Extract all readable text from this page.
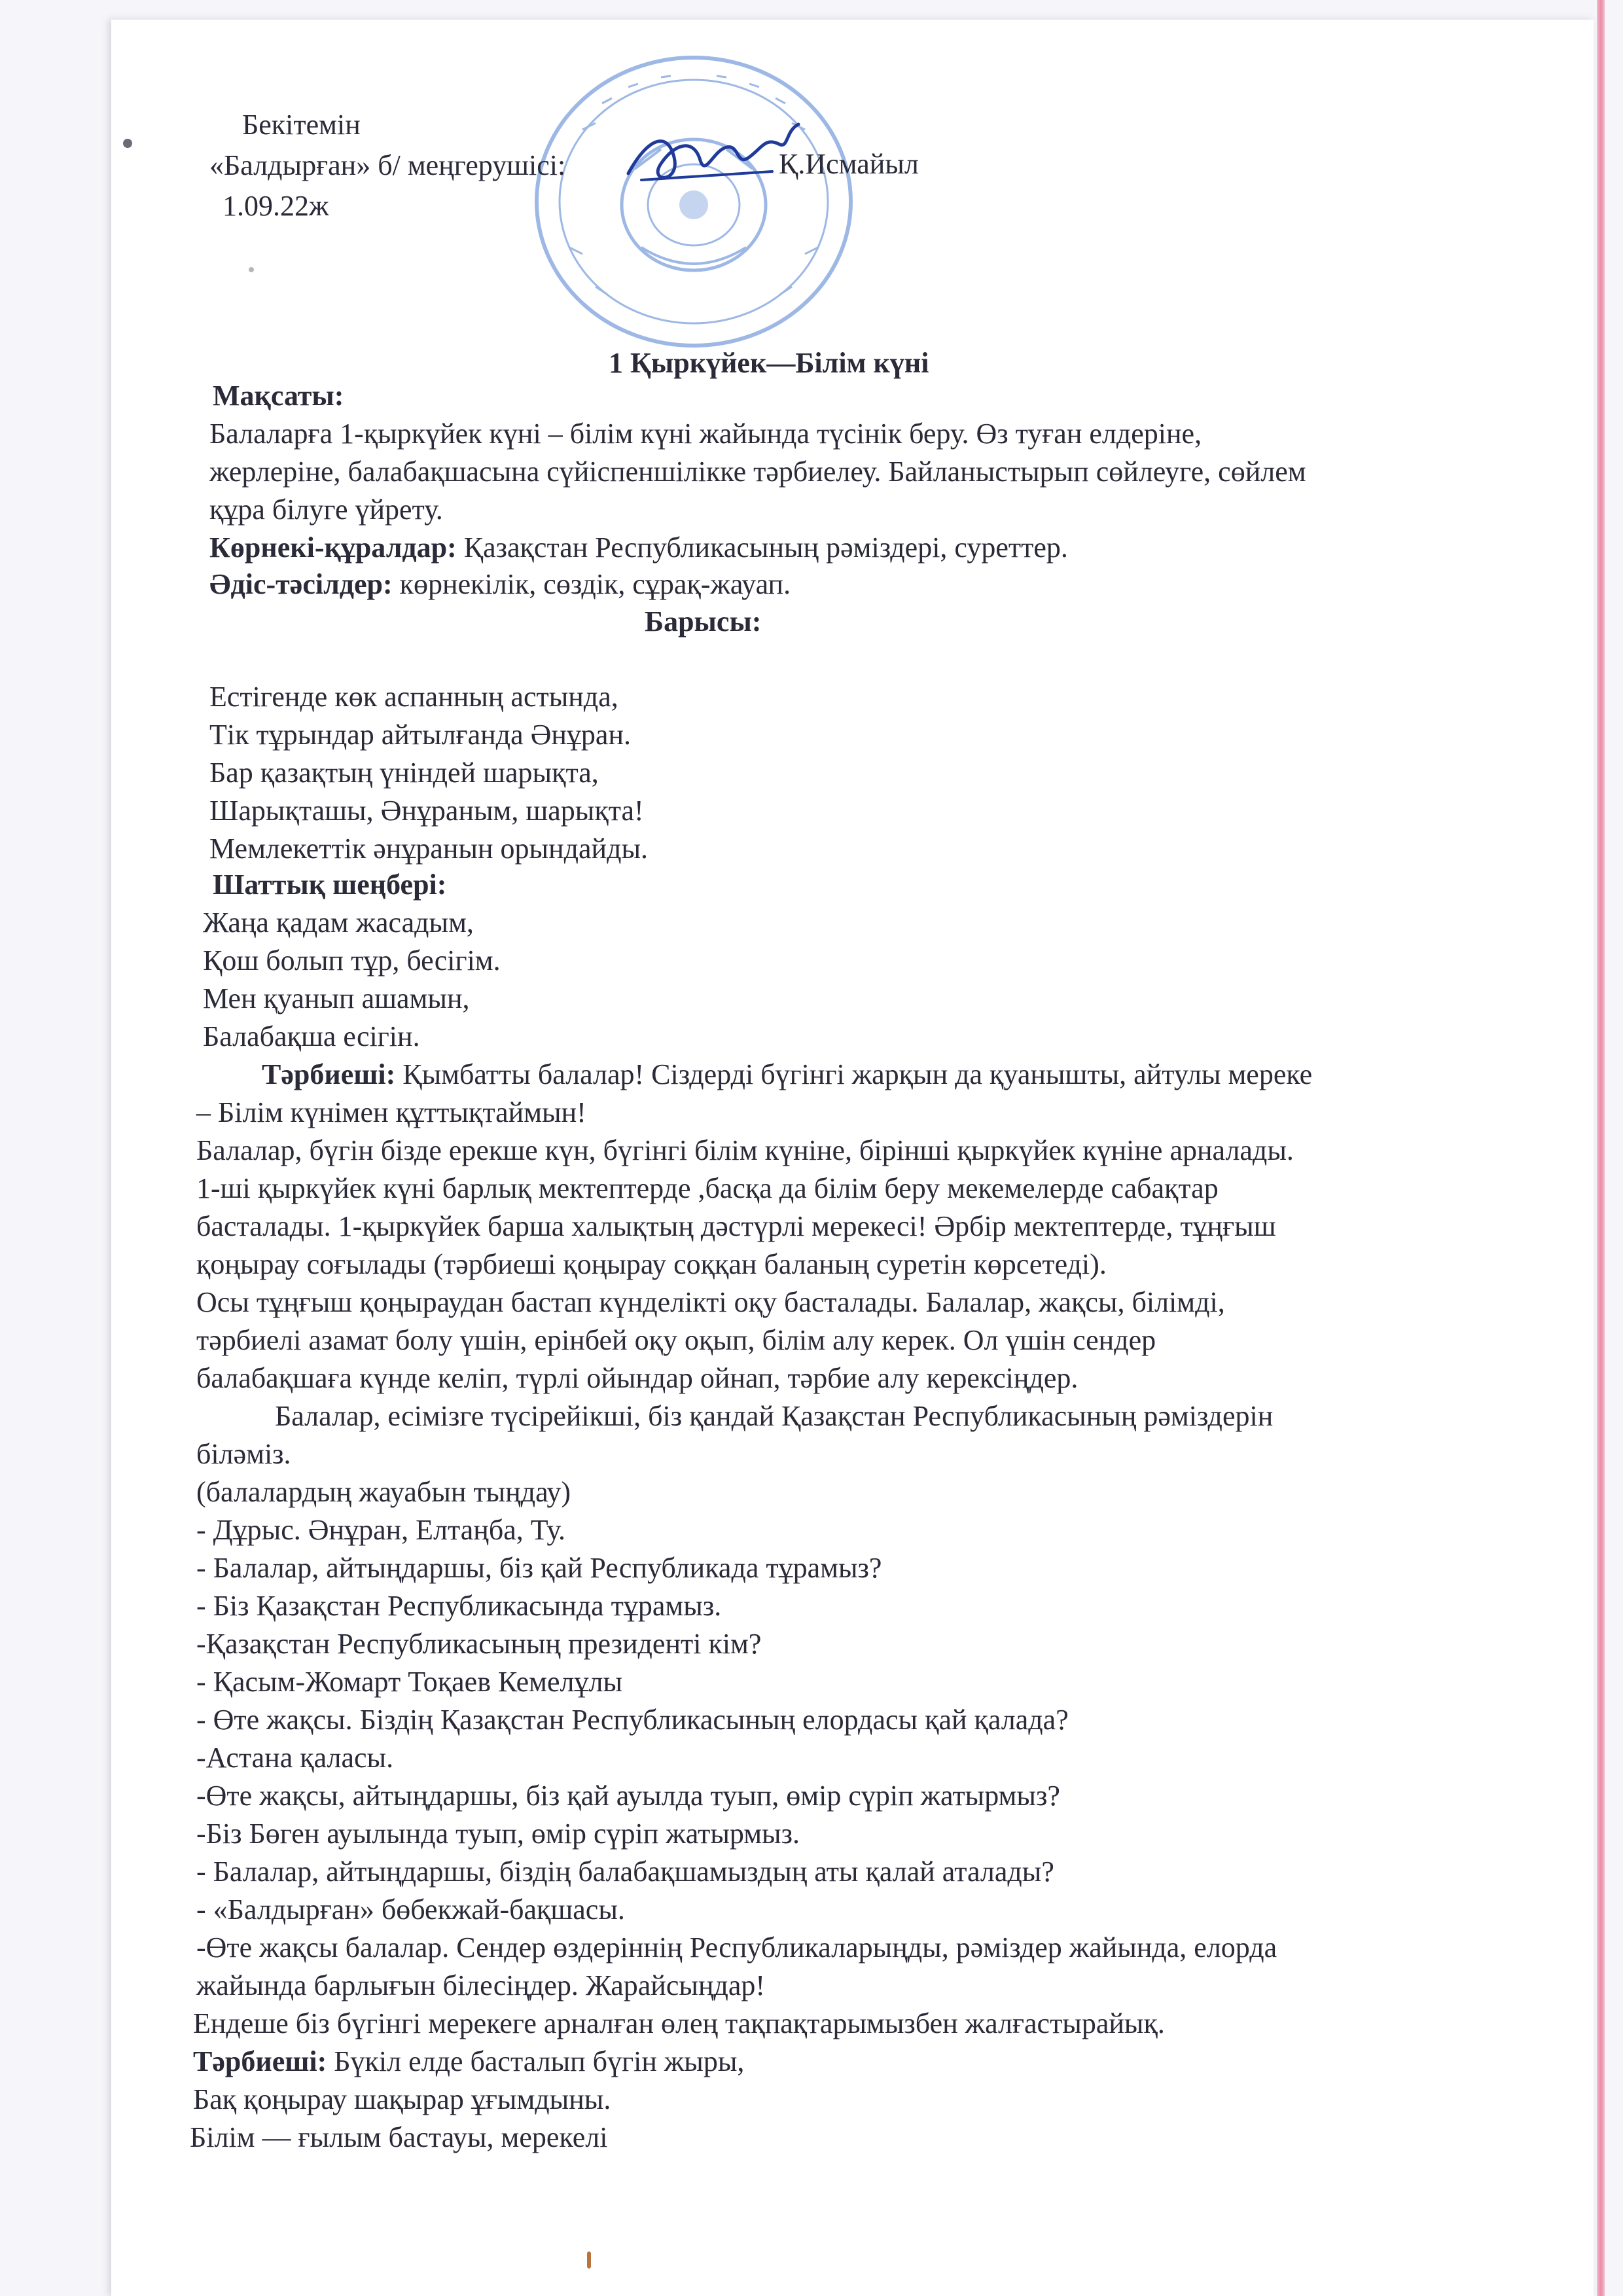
Бекітемін
«Балдырған» б/ меңгерушісі:
1.09.22ж
Қ.Исмайыл
1 Қыркүйек—Білім күні
Мақсаты:
Балаларға 1-қыркүйек күні – білім күні жайында түсінік беру. Өз туған елдеріне,
жерлеріне, балабақшасына сүйіспеншілікке тәрбиелеу. Байланыстырып сөйлеуге, сөйлем
құра білуге үйрету.
Көрнекі-құралдар: Қазақстан Республикасының рәміздері, суреттер.
Әдіс-тәсілдер: көрнекілік, сөздік, сұрақ-жауап.
Барысы:
Естігенде көк аспанның астында,
Тік тұрындар айтылғанда Әнұран.
Бар қазақтың үніндей шарықта,
Шарықташы, Әнұраным, шарықта!
Мемлекеттік әнұранын орындайды.
Шаттық шеңбері:
Жаңа қадам жасадым,
Қош болып тұр, бесігім.
Мен қуанып ашамын,
Балабақша есігін.
Тәрбиеші: Қымбатты балалар! Сіздерді бүгінгі жарқын да қуанышты, айтулы мереке
– Білім күнімен құттықтаймын!
Балалар, бүгін бізде ерекше күн, бүгінгі білім күніне, бірінші қыркүйек күніне арналады.
1-ші қыркүйек күні барлық мектептерде ,басқа да білім беру мекемелерде сабақтар
басталады. 1-қыркүйек барша халықтың дәстүрлі мерекесі! Әрбір мектептерде, тұңғыш
қоңырау соғылады (тәрбиеші қоңырау соққан баланың суретін көрсетеді).
Осы тұңғыш қоңыраудан бастап күнделікті оқу басталады. Балалар, жақсы, білімді,
тәрбиелі азамат болу үшін, ерінбей оқу оқып, білім алу керек. Ол үшін сендер
балабақшаға күнде келіп, түрлі ойындар ойнап, тәрбие алу керексіңдер.
Балалар, есімізге түсірейікші, біз қандай Қазақстан Республикасының рәміздерін
біләміз.
(балалардың жауабын тыңдау)
- Дұрыс. Әнұран, Елтаңба, Ту.
- Балалар, айтыңдаршы, біз қай Республикада тұрамыз?
- Біз Қазақстан Республикасында тұрамыз.
-Қазақстан Республикасының президенті кім?
- Қасым-Жомарт Тоқаев Кемелұлы
- Өте жақсы. Біздің Қазақстан Республикасының елордасы қай қалада?
-Астана қаласы.
-Өте жақсы, айтыңдаршы, біз қай ауылда туып, өмір сүріп жатырмыз?
-Біз Бөген ауылында туып, өмір сүріп жатырмыз.
- Балалар, айтыңдаршы, біздің балабақшамыздың аты қалай аталады?
- «Балдырған» бөбекжай-бақшасы.
-Өте жақсы балалар. Сендер өздеріннің Республикаларыңды, рәміздер жайында, елорда
жайында барлығын білесіңдер. Жарайсыңдар!
Ендеше біз бүгінгі мерекеге арналған өлең тақпақтарымызбен жалғастырайық.
Тәрбиеші: Бүкіл елде басталып бүгін жыры,
Бақ қоңырау шақырар ұғымдыны.
Білім — ғылым бастауы, мерекелі
